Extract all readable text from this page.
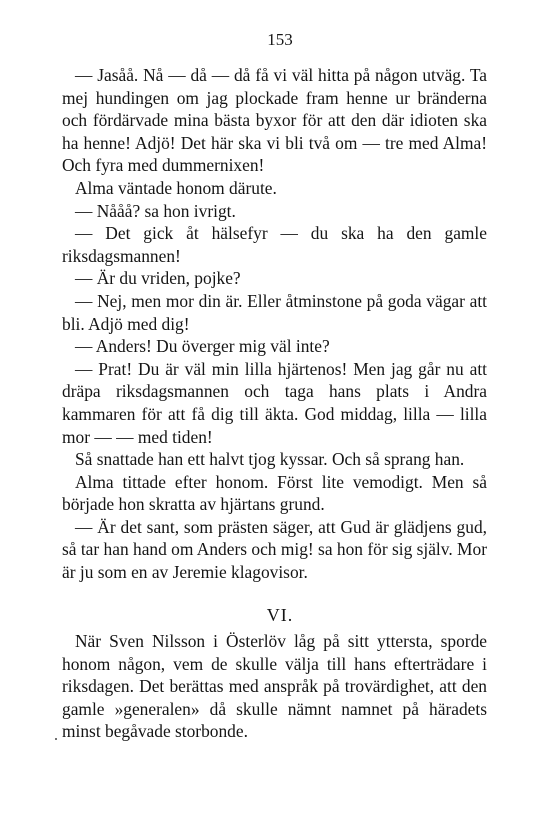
153

— Jasåå. Nå — då — då få vi väl hitta på någon utväg. Ta mej hundingen om jag plockade fram henne ur bränderna och fördärvade mina bästa byxor för att den där idioten ska ha henne! Adjö! Det här ska vi bli två om — tre med Alma! Och fyra med dummernixen!

Alma väntade honom därute.

— Nååå? sa hon ivrigt.

— Det gick åt hälsefyr — du ska ha den gamle riksdagsmannen!

— Är du vriden, pojke?

— Nej, men mor din är. Eller åtminstone på goda vägar att bli. Adjö med dig!

— Anders! Du överger mig väl inte?

— Prat! Du är väl min lilla hjärtenos! Men jag går nu att dräpa riksdagsmannen och taga hans plats i Andra kammaren för att få dig till äkta. God middag, lilla — lilla mor — — med tiden!

Så snattade han ett halvt tjog kyssar. Och så sprang han.

Alma tittade efter honom. Först lite vemodigt. Men så började hon skratta av hjärtans grund.

— Är det sant, som prästen säger, att Gud är glädjens gud, så tar han hand om Anders och mig! sa hon för sig själv. Mor är ju som en av Jeremie klagovisor.

VI.

När Sven Nilsson i Österlöv låg på sitt yttersta, sporde honom någon, vem de skulle välja till hans efterträdare i riksdagen. Det berättas med anspråk på trovärdighet, att den gamle »generalen» då skulle nämnt namnet på häradets minst begåvade storbonde.
